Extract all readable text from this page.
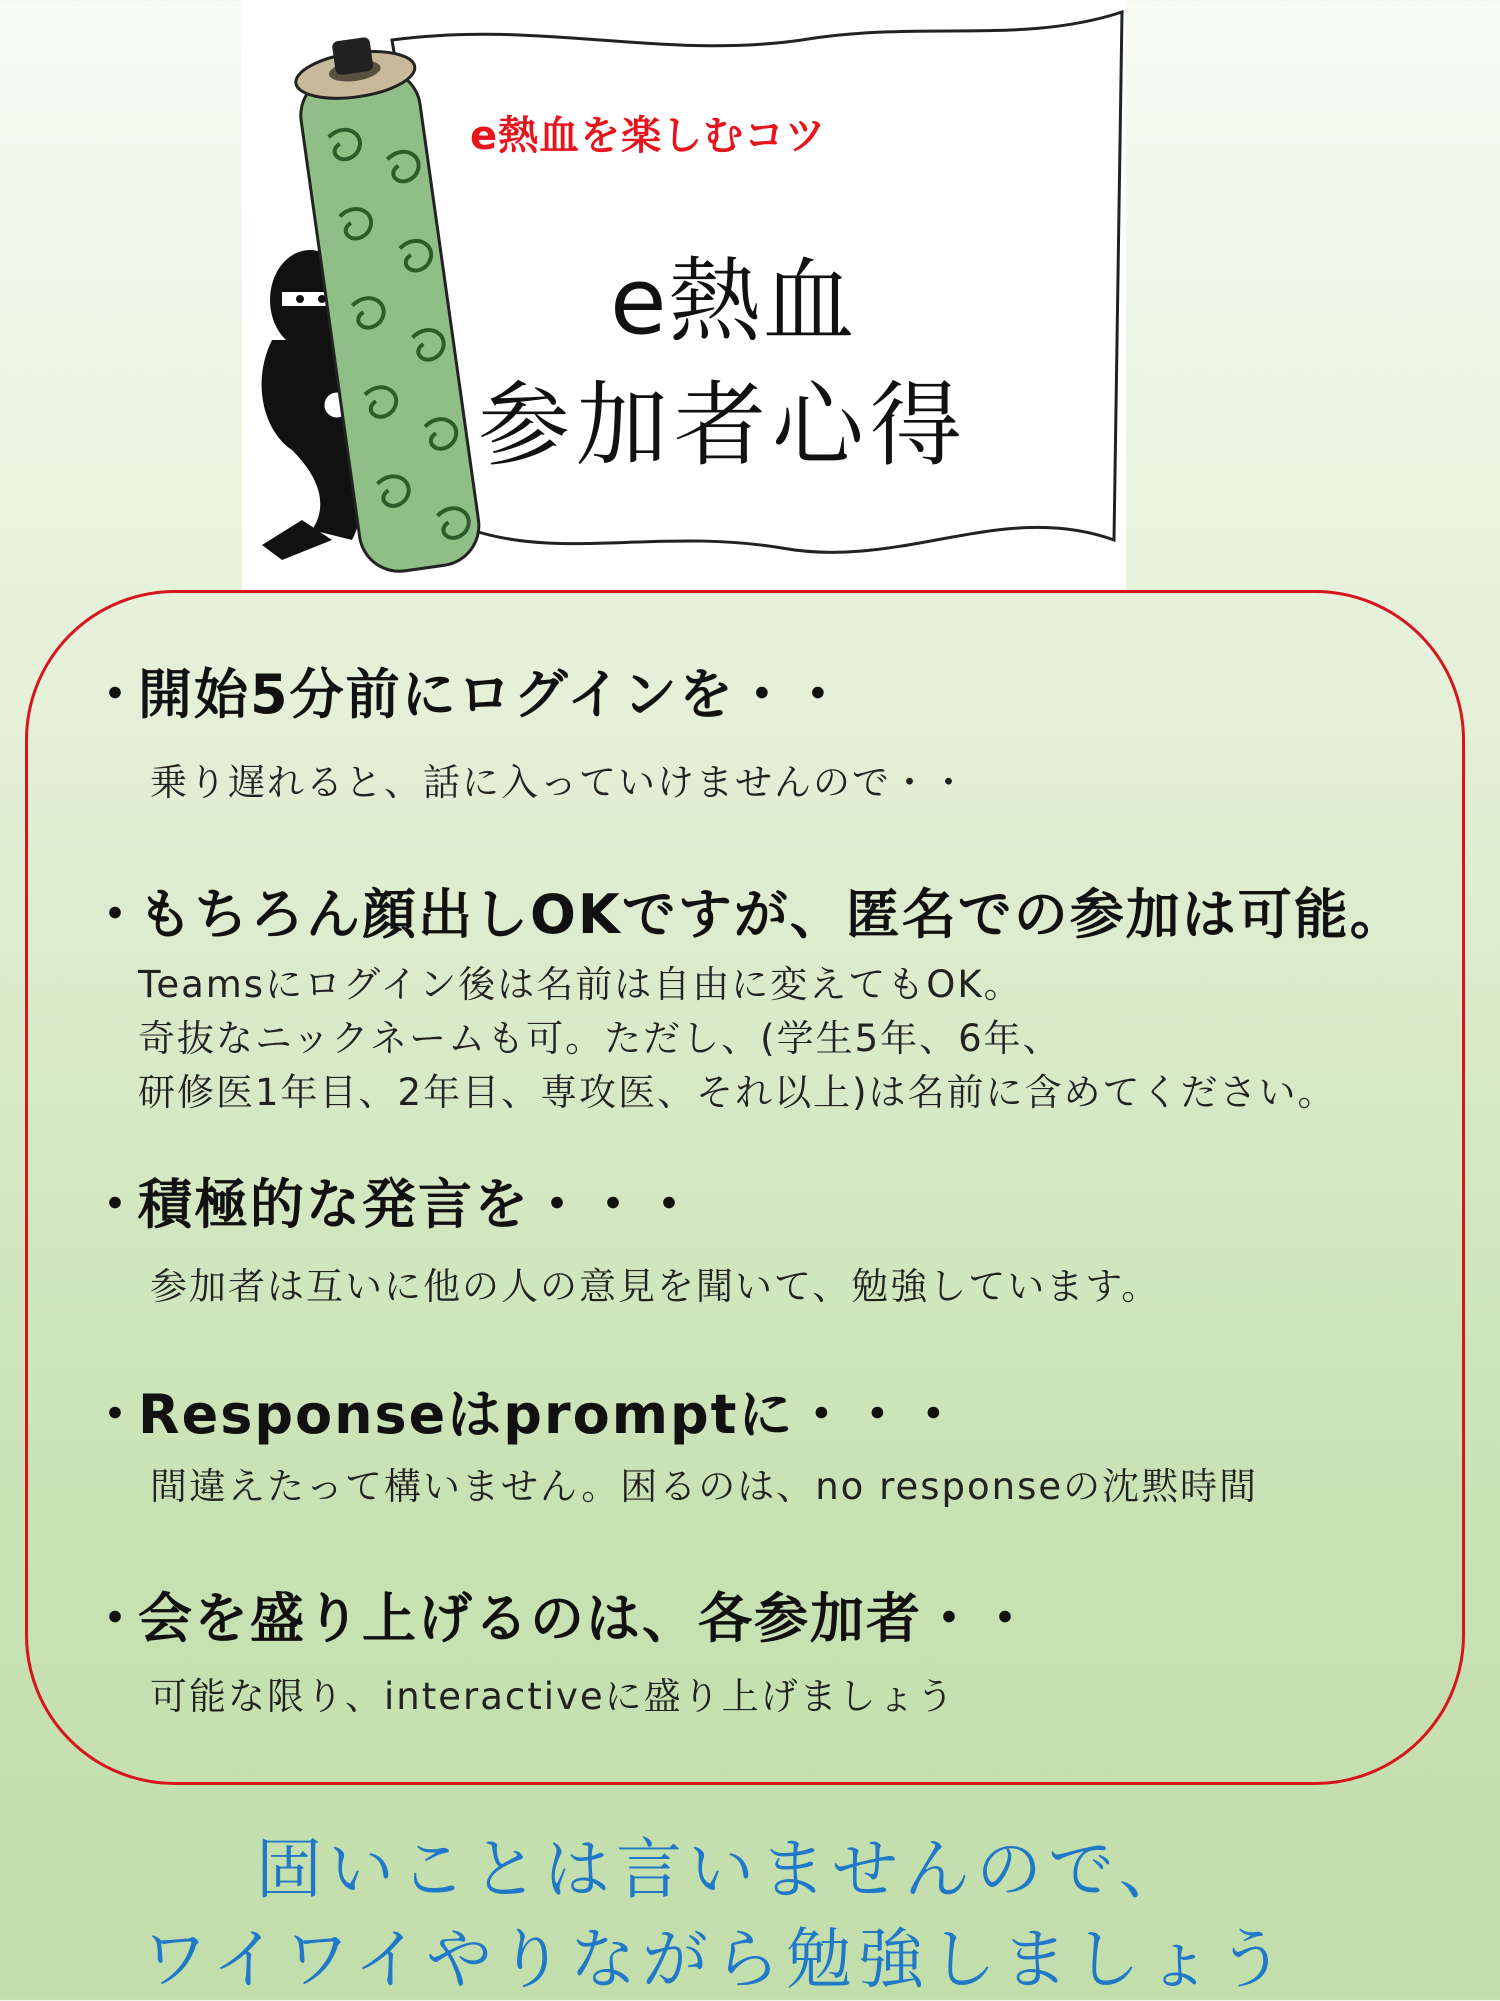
e熱血を楽しむコツ
e熱血
参加者心得
・開始5分前にログインを・・
乗り遅れると、話に入っていけませんので・・
・もちろん顔出しOKですが、匿名での参加は可能。
Teamsにログイン後は名前は自由に変えてもOK。
奇抜なニックネームも可。ただし、(学生5年、6年、
研修医1年目、2年目、専攻医、それ以上)は名前に含めてください。
・積極的な発言を・・・
参加者は互いに他の人の意見を聞いて、勉強しています。
・Responseはpromptに・・・
間違えたって構いません。困るのは、no responseの沈黙時間
・会を盛り上げるのは、各参加者・・
可能な限り、interactiveに盛り上げましょう
固いことは言いませんので、
ワイワイやりながら勉強しましょう
